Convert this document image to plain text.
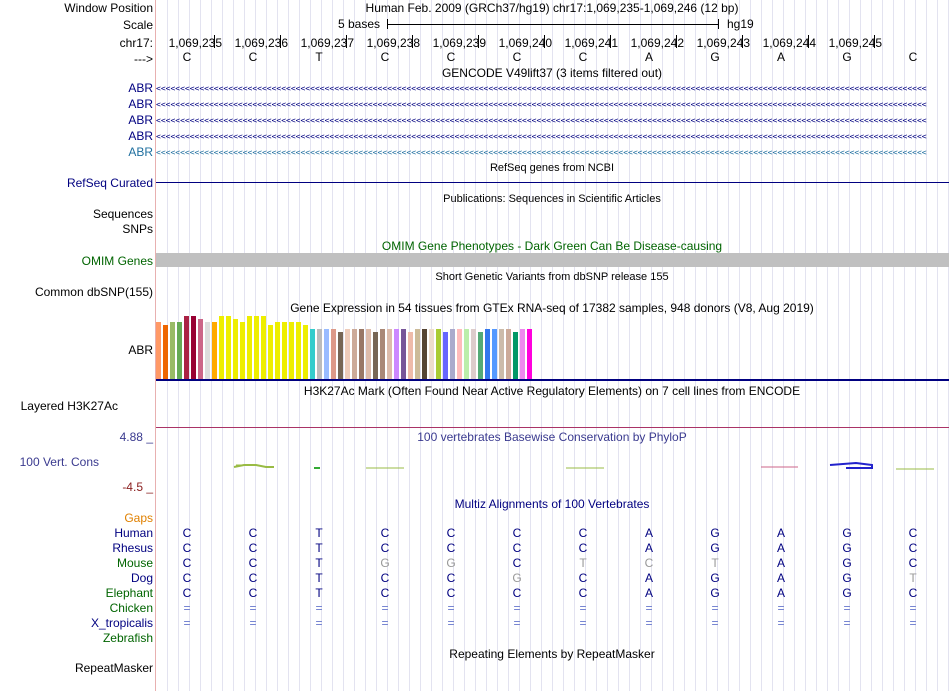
Window Position	Human Feb. 2009 (GRCh37/hg19) chr17:1,069,235-1,069,246 (12 bp)
Scale	5 bases	hg19
chr17:	1,069,235	1,069,236	1,069,237	1,069,238	1,069,239	1,069,240	1,069,241	1,069,242	1,069,243	1,069,244	1,069,245
--->	C	C	T	C	C	C	C	A	G	A	G	C
GENCODE V49lift37 (3 items filtered out)
ABR <<<<<<<<<<<<<<<<<<<<<<<<<<<<<<<<<<<<<<<<<<<<<<<<<<<<<<<<<<<<<<<<<<<<<<<<<<<<<<<<<<<<<<<<<<<<<<<<<<<<<<<<<<<<<<<<<<<<<<<<<<<<<<<<<<<<<<<<<<<<<<<<<<<<<<<<<<<<<<<<
ABR <<<<<<<<<<<<<<<<<<<<<<<<<<<<<<<<<<<<<<<<<<<<<<<<<<<<<<<<<<<<<<<<<<<<<<<<<<<<<<<<<<<<<<<<<<<<<<<<<<<<<<<<<<<<<<<<<<<<<<<<<<<<<<<<<<<<<<<<<<<<<<<<<<<<<<<<<<<<<<<<
ABR <<<<<<<<<<<<<<<<<<<<<<<<<<<<<<<<<<<<<<<<<<<<<<<<<<<<<<<<<<<<<<<<<<<<<<<<<<<<<<<<<<<<<<<<<<<<<<<<<<<<<<<<<<<<<<<<<<<<<<<<<<<<<<<<<<<<<<<<<<<<<<<<<<<<<<<<<<<<<<<<
ABR <<<<<<<<<<<<<<<<<<<<<<<<<<<<<<<<<<<<<<<<<<<<<<<<<<<<<<<<<<<<<<<<<<<<<<<<<<<<<<<<<<<<<<<<<<<<<<<<<<<<<<<<<<<<<<<<<<<<<<<<<<<<<<<<<<<<<<<<<<<<<<<<<<<<<<<<<<<<<<<<
ABR <<<<<<<<<<<<<<<<<<<<<<<<<<<<<<<<<<<<<<<<<<<<<<<<<<<<<<<<<<<<<<<<<<<<<<<<<<<<<<<<<<<<<<<<<<<<<<<<<<<<<<<<<<<<<<<<<<<<<<<<<<<<<<<<<<<<<<<<<<<<<<<<<<<<<<<<<<<<<<<<
RefSeq genes from NCBI
RefSeq Curated
Publications: Sequences in Scientific Articles
Sequences
SNPs
OMIM Gene Phenotypes - Dark Green Can Be Disease-causing
OMIM Genes
Short Genetic Variants from dbSNP release 155
Common dbSNP(155)
Gene Expression in 54 tissues from GTEx RNA-seq of 17382 samples, 948 donors (V8, Aug 2019)
ABR
H3K27Ac Mark (Often Found Near Active Regulatory Elements) on 7 cell lines from ENCODE
Layered H3K27Ac
4.88 _	100 vertebrates Basewise Conservation by PhyloP
100 Vert. Cons
-4.5 _
Multiz Alignments of 100 Vertebrates
Gaps
Human	C	C	T	C	C	C	C	A	G	A	G	C
Rhesus	C	C	T	C	C	C	C	A	G	A	G	C
Mouse	C	C	T	G	G	C	T	C	T	A	G	C
Dog	C	C	T	C	C	G	C	A	G	A	G	T
Elephant	C	C	T	C	C	C	C	A	G	A	G	C
Chicken	=	=	=	=	=	=	=	=	=	=	=	=
X_tropicalis	=	=	=	=	=	=	=	=	=	=	=	=
Zebrafish
Repeating Elements by RepeatMasker
RepeatMasker
